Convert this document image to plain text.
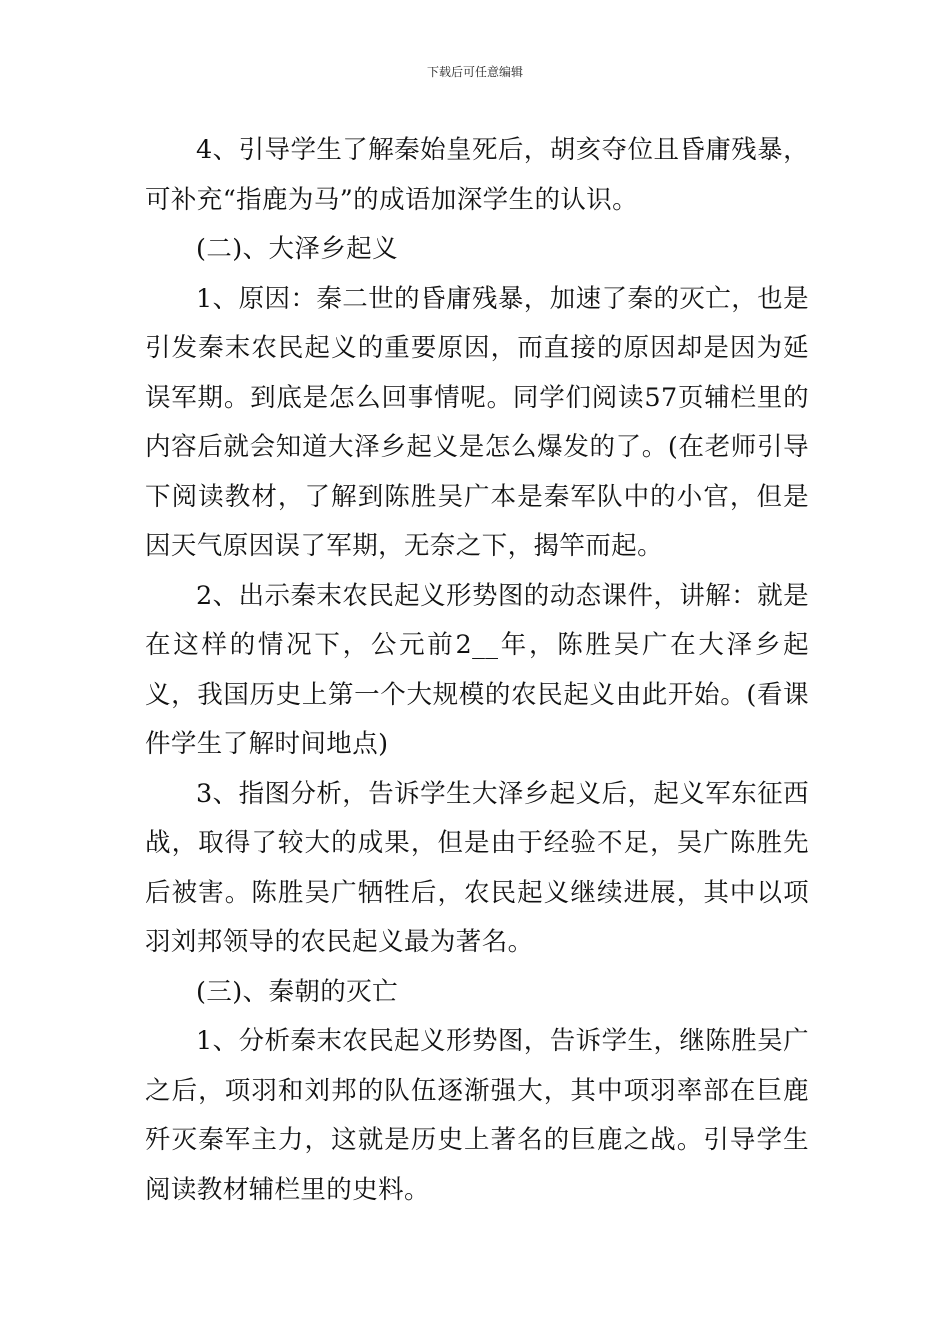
下载后可任意编辑

4、引导学生了解秦始皇死后，胡亥夺位且昏庸残暴，可补充“指鹿为马”的成语加深学生的认识。

(二)、大泽乡起义

1、原因：秦二世的昏庸残暴，加速了秦的灭亡，也是引发秦末农民起义的重要原因，而直接的原因却是因为延误军期。到底是怎么回事情呢。同学们阅读57页辅栏里的内容后就会知道大泽乡起义是怎么爆发的了。(在老师引导下阅读教材，了解到陈胜吴广本是秦军队中的小官，但是因天气原因误了军期，无奈之下，揭竿而起。

2、出示秦末农民起义形势图的动态课件，讲解：就是在这样的情况下，公元前2__年，陈胜吴广在大泽乡起义，我国历史上第一个大规模的农民起义由此开始。(看课件学生了解时间地点)

3、指图分析，告诉学生大泽乡起义后，起义军东征西战，取得了较大的成果，但是由于经验不足，吴广陈胜先后被害。陈胜吴广牺牲后，农民起义继续进展，其中以项羽刘邦领导的农民起义最为著名。

(三)、秦朝的灭亡

1、分析秦末农民起义形势图，告诉学生，继陈胜吴广之后，项羽和刘邦的队伍逐渐强大，其中项羽率部在巨鹿歼灭秦军主力，这就是历史上著名的巨鹿之战。引导学生阅读教材辅栏里的史料。
